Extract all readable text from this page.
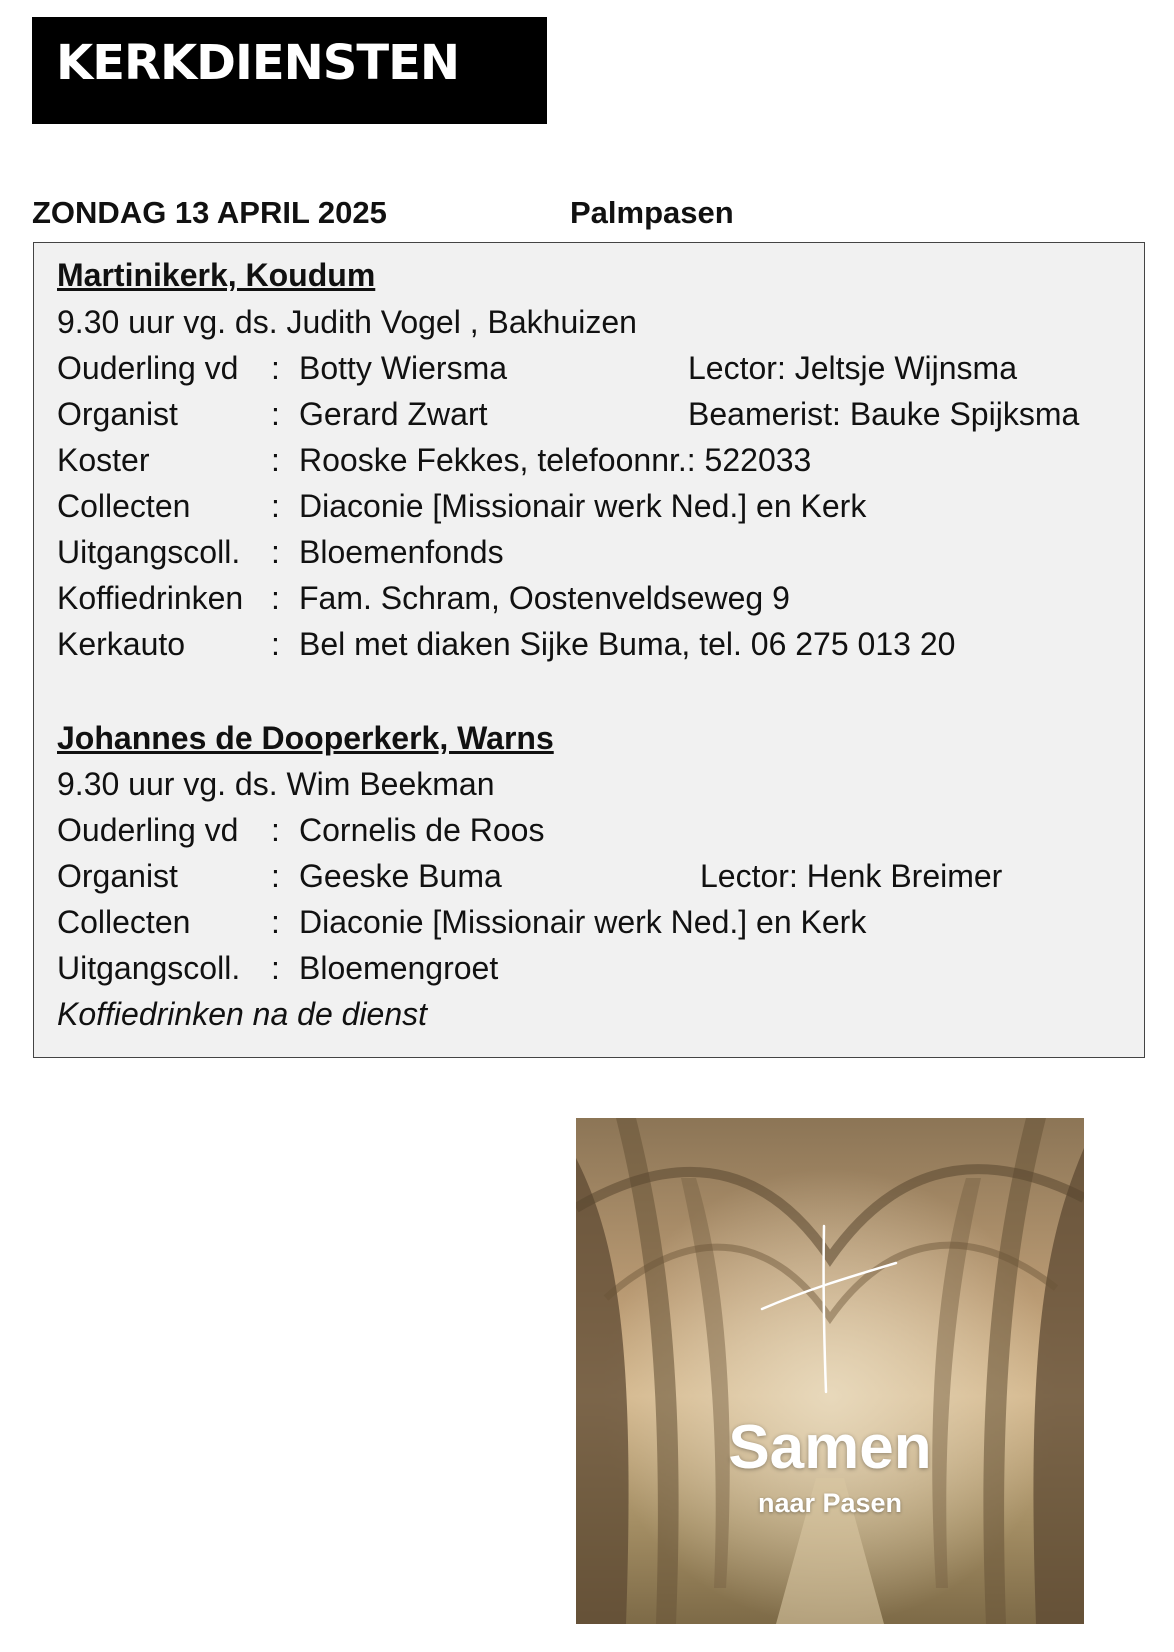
KERKDIENSTEN
ZONDAG 13 APRIL 2025	Palmpasen
Martinikerk, Koudum
9.30 uur vg. ds. Judith Vogel , Bakhuizen
Ouderling vd : Botty Wiersma	Lector: Jeltsje Wijnsma
Organist	: Gerard Zwart	Beamerist: Bauke Spijksma
Koster	: Rooske Fekkes, telefoonnr.: 522033
Collecten	: Diaconie [Missionair werk Ned.] en Kerk
Uitgangscoll. : Bloemenfonds
Koffiedrinken : Fam. Schram, Oostenveldseweg 9
Kerkauto	: Bel met diaken Sijke Buma, tel. 06 275 013 20
Johannes de Dooperkerk, Warns
9.30 uur vg. ds. Wim Beekman
Ouderling vd : Cornelis de Roos
Organist	: Geeske Buma	Lector: Henk Breimer
Collecten	: Diaconie [Missionair werk Ned.] en Kerk
Uitgangscoll. : Bloemengroet
Koffiedrinken na de dienst
Samen
naar Pasen
